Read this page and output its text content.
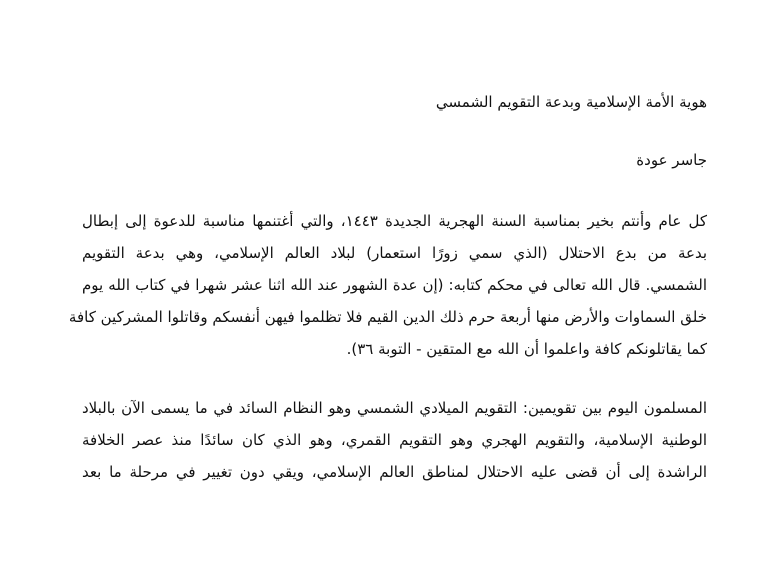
هوية الأمة الإسلامية وبدعة التقويم الشمسي
جاسر عودة
كل عام وأنتم بخير بمناسبة السنة الهجرية الجديدة ١٤٤٣، والتي أغتنمها مناسبة للدعوة إلى إبطال
بدعة من بدع الاحتلال (الذي سمي زورًا استعمار) لبلاد العالم الإسلامي، وهي بدعة التقويم
الشمسي. قال الله تعالى في محكم كتابه: (إن عدة الشهور عند الله اثنا عشر شهرا في كتاب الله يوم
خلق السماوات والأرض منها أربعة حرم ذلك الدين القيم فلا تظلموا فيهن أنفسكم وقاتلوا المشركين كافة
كما يقاتلونكم كافة واعلموا أن الله مع المتقين - التوبة ٣٦).
المسلمون اليوم بين تقويمين: التقويم الميلادي الشمسي وهو النظام السائد في ما يسمى الآن بالبلاد
الوطنية الإسلامية، والتقويم الهجري وهو التقويم القمري، وهو الذي كان سائدًا منذ عصر الخلافة
الراشدة إلى أن قضى عليه الاحتلال لمناطق العالم الإسلامي، ويقي دون تغيير في مرحلة ما بعد
